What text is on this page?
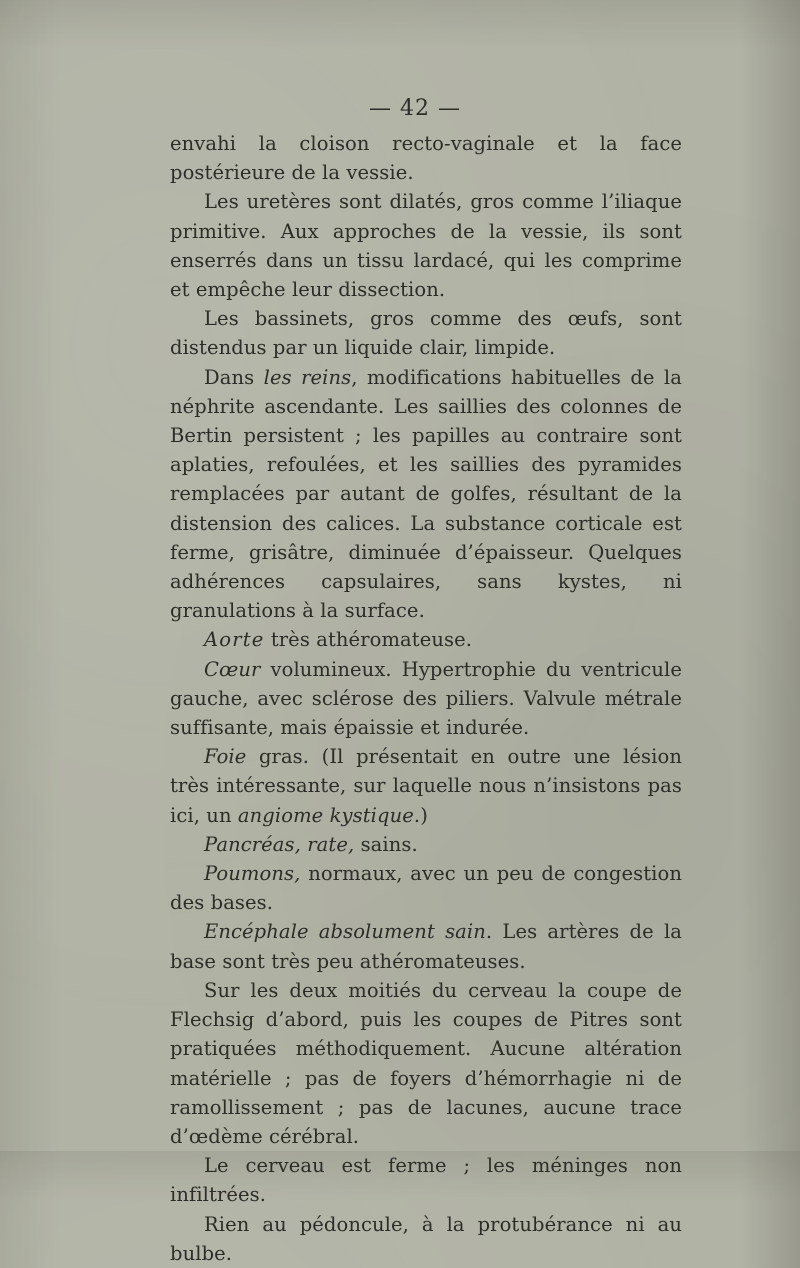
— 42 —

envahi la cloison recto-vaginale et la face postérieure de la vessie.

Les uretères sont dilatés, gros comme l’iliaque primitive. Aux approches de la vessie, ils sont enserrés dans un tissu lardacé, qui les comprime et empêche leur dissection.

Les bassinets, gros comme des œufs, sont distendus par un liquide clair, limpide.

Dans les reins, modifications habituelles de la néphrite ascendante. Les saillies des colonnes de Bertin persistent ; les papilles au contraire sont aplaties, refoulées, et les saillies des pyramides remplacées par autant de golfes, résultant de la distension des calices. La substance corticale est ferme, grisâtre, diminuée d’épaisseur. Quelques adhérences capsulaires, sans kystes, ni granulations à la surface.

Aorte très athéromateuse.

Cœur volumineux. Hypertrophie du ventricule gauche, avec sclérose des piliers. Valvule métrale suffisante, mais épaissie et indurée.

Foie gras. (Il présentait en outre une lésion très intéressante, sur laquelle nous n’insistons pas ici, un angiome kystique.)

Pancréas, rate, sains.

Poumons, normaux, avec un peu de congestion des bases.

Encéphale absolument sain. Les artères de la base sont très peu athéromateuses.

Sur les deux moitiés du cerveau la coupe de Flechsig d’abord, puis les coupes de Pitres sont pratiquées méthodiquement. Aucune altération matérielle ; pas de foyers d’hémorrhagie ni de ramollissement ; pas de lacunes, aucune trace d’œdème cérébral.

Le cerveau est ferme ; les méninges non infiltrées.

Rien au pédoncule, à la protubérance ni au bulbe.
